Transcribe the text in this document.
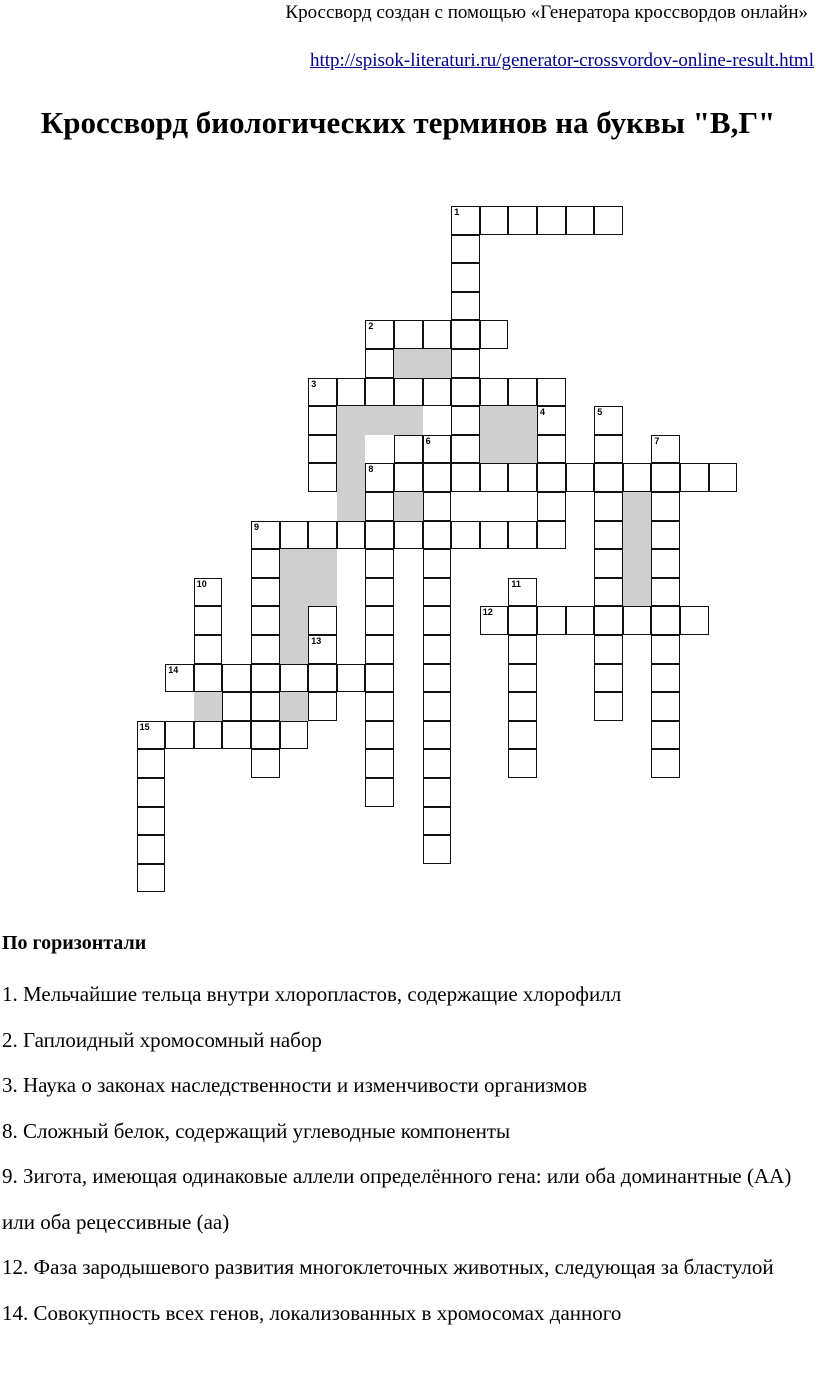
Кроссворд создан с помощью «Генератора кроссвордов онлайн»
http://spisok-literaturi.ru/generator-crossvordov-online-result.html
Кроссворд биологических терминов на буквы "В,Г"
1
2
3
4	5
6	7
8
9
10	11
12
13
14
15
По горизонтали

1. Мельчайшие тельца внутри хлоропластов, содержащие хлорофилл

2. Гаплоидный хромосомный набор

3. Наука о законах наследственности и изменчивости организмов

8. Сложный белок, содержащий углеводные компоненты

9. Зигота, имеющая одинаковые аллели определённого гена: или оба доминантные (АА) или оба рецессивные (аа)

12. Фаза зародышевого развития многоклеточных животных, следующая за бластулой

14. Совокупность всех генов, локализованных в хромосомах данного
